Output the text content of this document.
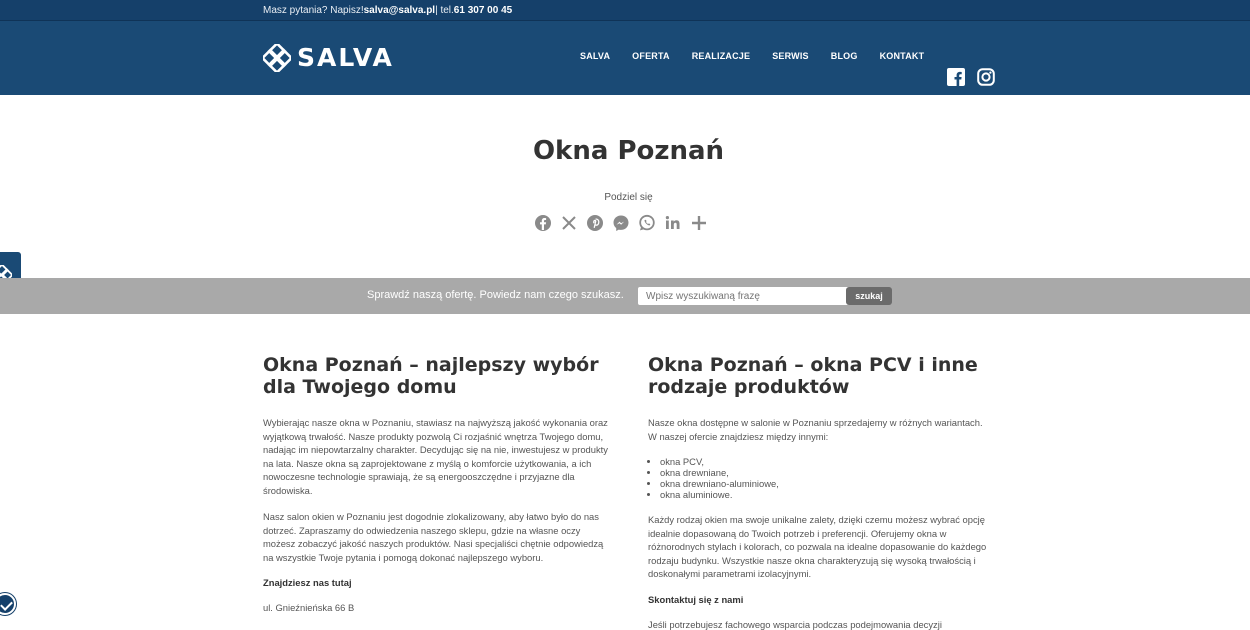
Masz pytania? Napisz! salva@salva.pl | tel. 61 307 00 45
SALVA	SALVA OFERTA REALIZACJE SERWIS BLOG KONTAKT
Okna Poznań
Podziel się
Sprawdź naszą ofertę. Powiedz nam czego szukasz.
Wpisz wyszukiwaną frazę	szukaj
Okna Poznań – najlepszy wybór dla Twojego domu

Wybierając nasze okna w Poznaniu, stawiasz na najwyższą jakość wykonania oraz wyjątkową trwałość. Nasze produkty pozwolą Ci rozjaśnić wnętrza Twojego domu, nadając im niepowtarzalny charakter. Decydując się na nie, inwestujesz w produkty na lata. Nasze okna są zaprojektowane z myślą o komforcie użytkowania, a ich nowoczesne technologie sprawiają, że są energooszczędne i przyjazne dla środowiska.

Nasz salon okien w Poznaniu jest dogodnie zlokalizowany, aby łatwo było do nas dotrzeć. Zapraszamy do odwiedzenia naszego sklepu, gdzie na własne oczy możesz zobaczyć jakość naszych produktów. Nasi specjaliści chętnie odpowiedzą na wszystkie Twoje pytania i pomogą dokonać najlepszego wyboru.

Znajdziesz nas tutaj

ul. Gnieźnieńska 66 B

Okna Poznań – okna PCV i inne rodzaje produktów

Nasze okna dostępne w salonie w Poznaniu sprzedajemy w różnych wariantach. W naszej ofercie znajdziesz między innymi:

• okna PCV,
• okna drewniane,
• okna drewniano-aluminiowe,
• okna aluminiowe.

Każdy rodzaj okien ma swoje unikalne zalety, dzięki czemu możesz wybrać opcję idealnie dopasowaną do Twoich potrzeb i preferencji. Oferujemy okna w różnorodnych stylach i kolorach, co pozwala na idealne dopasowanie do każdego rodzaju budynku. Wszystkie nasze okna charakteryzują się wysoką trwałością i doskonałymi parametrami izolacyjnymi.

Skontaktuj się z nami

Jeśli potrzebujesz fachowego wsparcia podczas podejmowania decyzji
